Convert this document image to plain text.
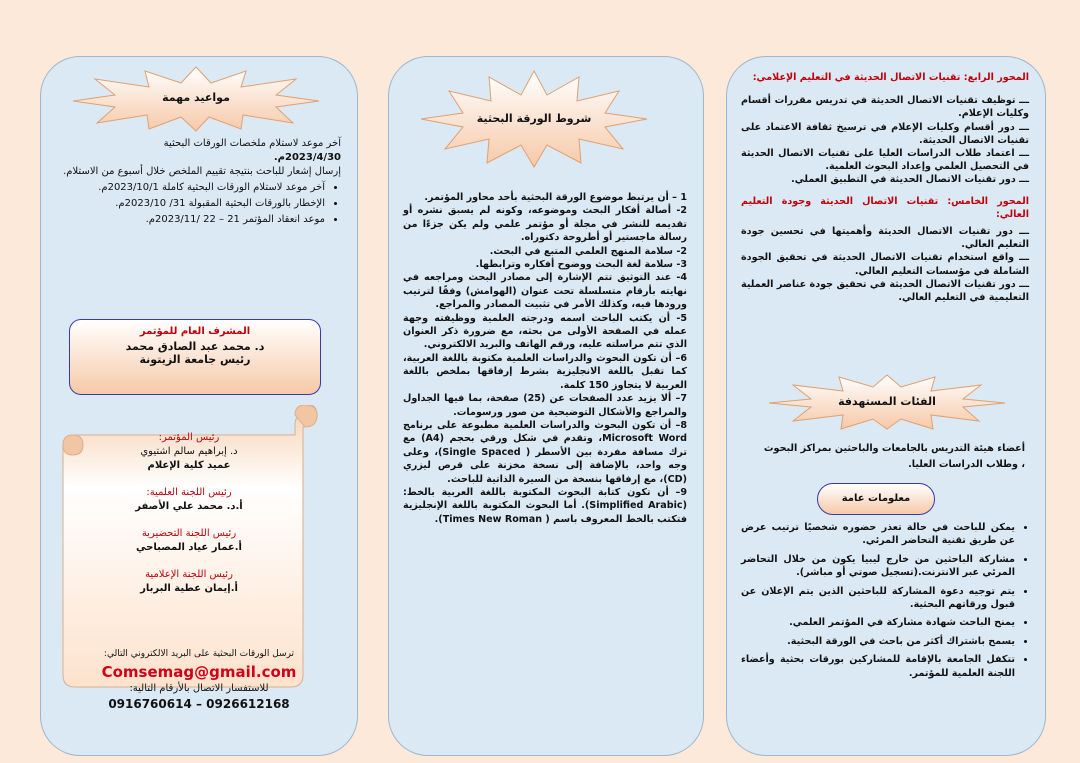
مواعيد مهمة
آخر موعد لاستلام ملخصات الورقات البحثية
2023/4/30م.
إرسال إشعار للباحث بنتيجة تقييم الملخص خلال أسبوع من الاستلام.
• آخر موعد لاستلام الورقات البحثية كاملة 2023/10/1م.
• الإخطار بالورقات البحثية المقبولة 31/ 2023/10م.
• موعد انعقاد المؤتمر 21 – 22 /2023/11م.
المشرف العام للمؤتمر
د. محمد عبد الصادق محمد
رئيس جامعة الزيتونة
رئيس المؤتمر:
د. إبراهيم سالم اشتيوي
عميد كلية الإعلام
رئيس اللجنة العلمية:
أ.د. محمد علي الأصفر
رئيس اللجنة التحضيرية
أ.عمار عياد المصباحي
رئيس اللجنة الإعلامية
أ.إيمان عطية البربار
ترسل الورقات البحثية على البريد الالكتروني التالي:
Comsemag@gmail.com
للاستفسار الاتصال بالأرقام التالية:
0916760614 – 0926612168
شروط الورقة البحثية
1 – أن يرتبط موضوع الورقة البحثية بأحد محاور المؤتمر.
2- أصالة أفكار البحث وموضوعه، وكونه لم يسبق نشره أو تقديمه للنشر في مجلة أو مؤتمر علمي ولم يكن جزءًا من رسالة ماجستير أو أطروحة دكتوراه.
2- سلامة المنهج العلمي المتبع في البحث.
3- سلامة لغة البحث ووضوح أفكاره وترابطها.
4- عند التوثيق تتم الإشارة إلى مصادر البحث ومراجعه في نهايته بأرقام متسلسلة تحت عنوان (الهوامش) وفقًا لترتيب ورودها فيه، وكذلك الأمر في تثبيت المصادر والمراجع.
5- أن يكتب الباحث اسمه ودرجته العلمية ووظيفته وجهة عمله في الصفحة الأولى من بحثه، مع ضرورة ذكر العنوان الذي تتم مراسلته عليه، ورقم الهاتف والبريد الالكتروني.
6– أن تكون البحوث والدراسات العلمية مكتوبة باللغة العربية، كما تقبل باللغة الانجليزية بشرط إرفاقها بملخص باللغة العربية لا يتجاوز 150 كلمة.
7– ألا يزيد عدد الصفحات عن (25) صفحة، بما فيها الجداول والمراجع والأشكال التوضيحية من صور ورسومات.
8– أن تكون البحوث والدراسات العلمية مطبوعة على برنامج Microsoft Word، وتقدم في شكل ورقي بحجم (A4) مع ترك مسافة مفردة بين الأسطر ( Single Spaced)، وعلى وجه واحد، بالإضافة إلى نسخة مخزنة على قرص ليزري (CD)، مع إرفاقها بنسخة من السيرة الذاتية للباحث.
9– أن تكون كتابة البحوث المكتوبة باللغة العربية بالخط: (Simplified Arabic). أما البحوث المكتوبة باللغة الإنجليزية فتكتب بالخط المعروف باسم ( Times New Roman).
المحور الرابع: تقنيات الاتصال الحديثة في التعليم الإعلامي:
ـــ توظيف تقنيات الاتصال الحديثة في تدريس مقررات أقسام وكليات الإعلام.
ـــ دور أقسام وكليات الإعلام في ترسيخ ثقافة الاعتماد على تقنيات الاتصال الحديثة.
ـــ اعتماد طلاب الدراسات العليا على تقنيات الاتصال الحديثة في التحصيل العلمي وإعداد البحوث العلمية.
ـــ دور تقنيات الاتصال الحديثة في التطبيق العملي.
المحور الخامس: تقنيات الاتصال الحديثة وجودة التعليم العالي:
ـــ دور تقنيات الاتصال الحديثة وأهميتها في تحسين جودة التعليم العالي.
ـــ واقع استخدام تقنيات الاتصال الحديثة في تحقيق الجودة الشاملة في مؤسسات التعليم العالي.
ـــ دور تقنيات الاتصال الحديثة في تحقيق جودة عناصر العملية التعليمية في التعليم العالي.
الفئات المستهدفة
أعضاء هيئة التدريس بالجامعات والباحثين بمراكز البحوث ، وطلاب الدراسات العليا.
معلومات عامة
• يمكن للباحث في حالة تعذر حضوره شخصيًا ترتيب عرض عن طريق تقنية التحاضر المرئي.
• مشاركة الباحثين من خارج ليبيا يكون من خلال التحاضر المرئي عبر الانترنت.(تسجيل صوتي أو مباشر).
• يتم توجيه دعوة المشاركة للباحثين الذين يتم الإعلان عن قبول ورقاتهم البحثية.
• يمنح الباحث شهادة مشاركة في المؤتمر العلمي.
• يسمح باشتراك أكثر من باحث في الورقة البحثية.
• تتكفل الجامعة بالإقامة للمشاركين بورقات بحثية وأعضاء اللجنة العلمية للمؤتمر.
